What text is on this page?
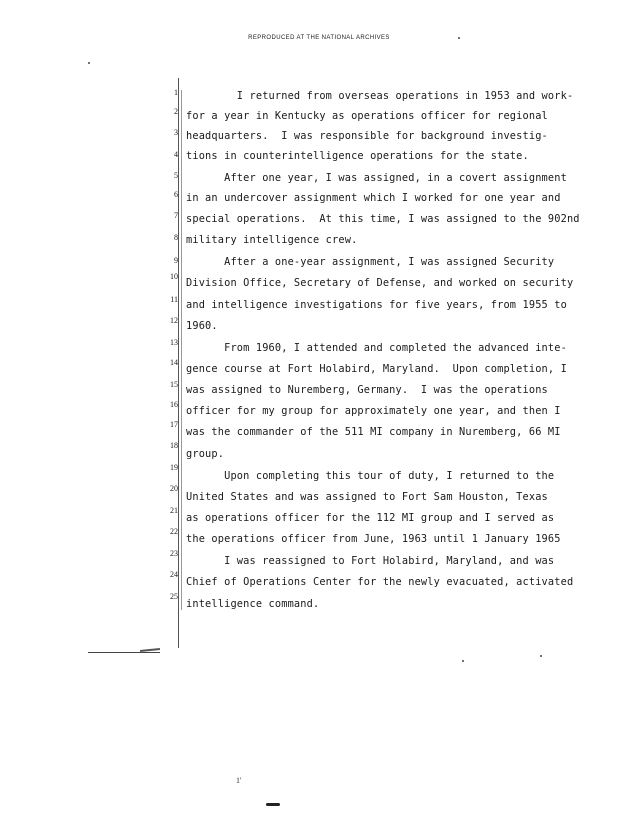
REPRODUCED AT THE NATIONAL ARCHIVES
1
2
3
4
5
6
7
8
9
10
11
12
13
14
15
16
17
18
19
20
21
22
23
24
25
I returned from overseas operations in 1953 and work-
for a year in Kentucky as operations officer for regional
headquarters.  I was responsible for background investig-
tions in counterintelligence operations for the state.
After one year, I was assigned, in a covert assignment
in an undercover assignment which I worked for one year and
special operations.  At this time, I was assigned to the 902nd
military intelligence crew.
After a one-year assignment, I was assigned Security
Division Office, Secretary of Defense, and worked on security
and intelligence investigations for five years, from 1955 to
1960.
From 1960, I attended and completed the advanced inte-
gence course at Fort Holabird, Maryland.  Upon completion, I
was assigned to Nuremberg, Germany.  I was the operations
officer for my group for approximately one year, and then I
was the commander of the 511 MI company in Nuremberg, 66 MI
group.
Upon completing this tour of duty, I returned to the
United States and was assigned to Fort Sam Houston, Texas
as operations officer for the 112 MI group and I served as
the operations officer from June, 1963 until 1 January 1965
I was reassigned to Fort Holabird, Maryland, and was
Chief of Operations Center for the newly evacuated, activated
intelligence command.
1'
